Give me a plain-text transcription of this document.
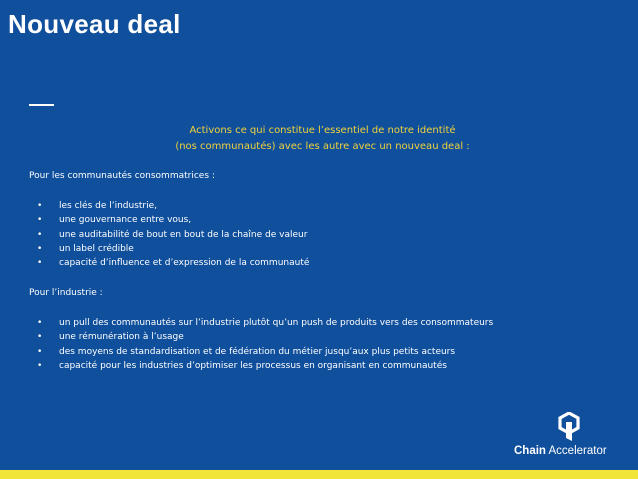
Nouveau deal
Activons ce qui constitue l’essentiel de notre identité
(nos communautés) avec les autre avec un nouveau deal :
Pour les communautés consommatrices :
• les clés de l’industrie,
• une gouvernance entre vous,
• une auditabilité de bout en bout de la chaîne de valeur
• un label crédible
• capacité d’influence et d’expression de la communauté
Pour l’industrie :
• un pull des communautés sur l’industrie plutôt qu’un push de produits vers des consommateurs
• une rémunération à l’usage
• des moyens de standardisation et de fédération du métier jusqu’aux plus petits acteurs
• capacité pour les industries d’optimiser les processus en organisant en communautés
Chain Accelerator
